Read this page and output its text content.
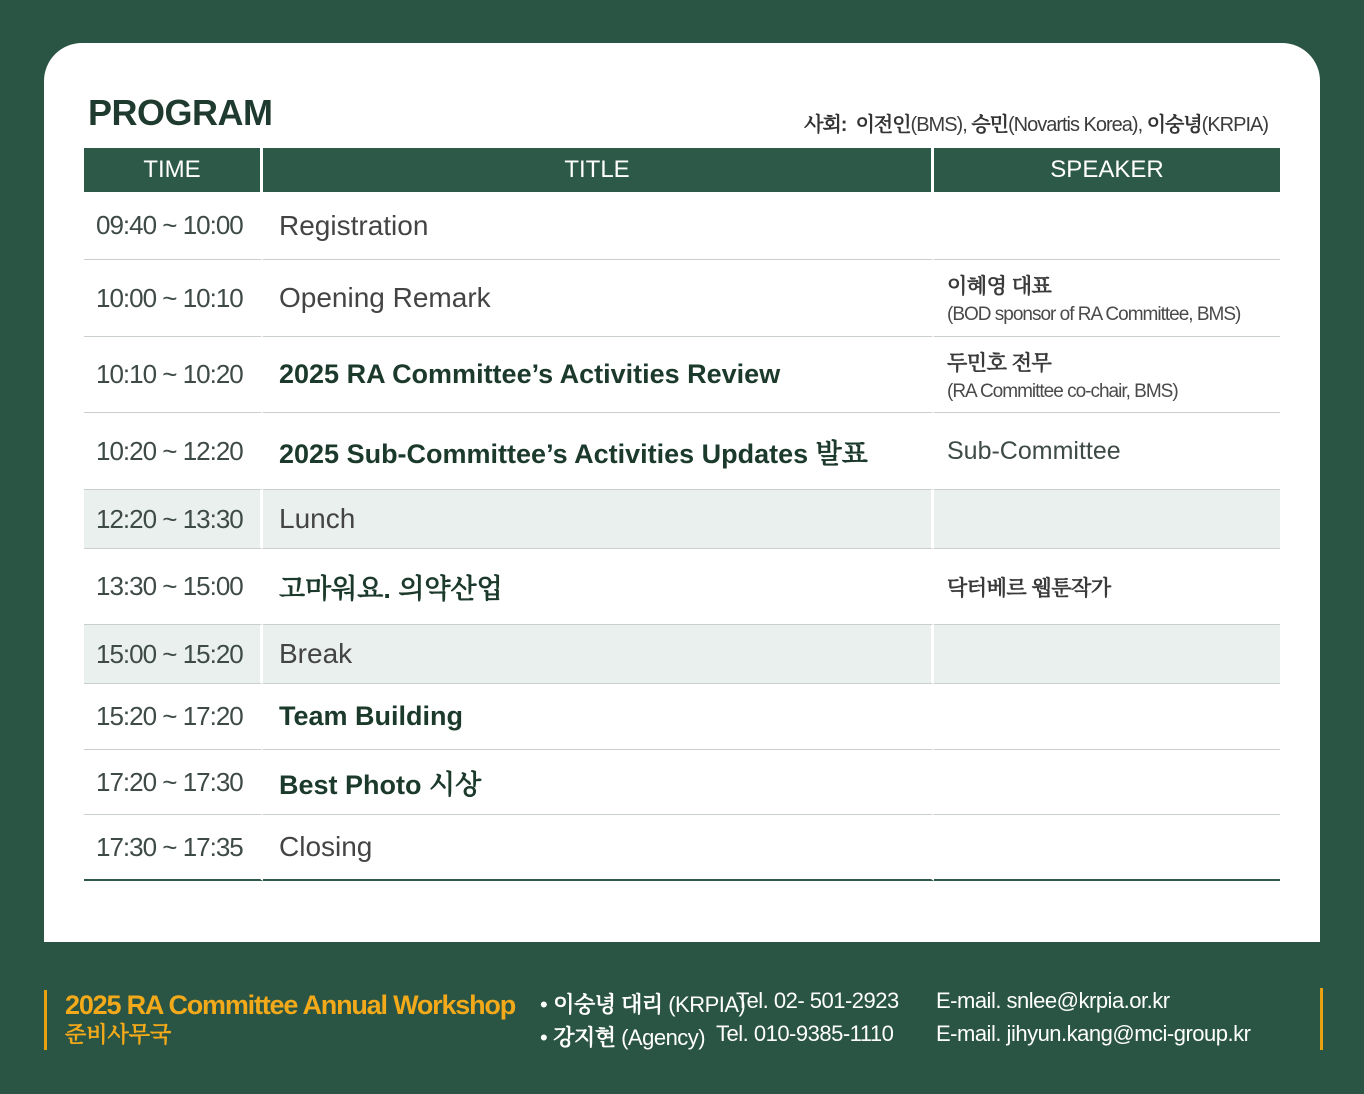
PROGRAM	사회: 이전인(BMS), 승민(Novartis Korea), 이숭녕(KRPIA)
TIME	TITLE	SPEAKER
09:40 ~ 10:00	Registration	
10:00 ~ 10:10	Opening Remark	이혜영 대표
(BOD sponsor of RA Committee, BMS)

10:10 ~ 10:20	2025 RA Committee’s Activities Review	두민호 전무
(RA Committee co-chair, BMS)

10:20 ~ 12:20	2025 Sub-Committee’s Activities Updates 발표	Sub-Committee

12:20 ~ 13:30	Lunch	
13:30 ~ 15:00	고마워요. 의약산업	닥터베르 웹툰작가

15:00 ~ 15:20	Break	
15:20 ~ 17:20	Team Building	
17:20 ~ 17:30	Best Photo 시상	
17:30 ~ 17:35	Closing	
2025 RA Committee Annual Workshop
준비사무국
• 이숭녕 대리 (KRPIA)
Tel. 02- 501-2923 E-mail. snlee@krpia.or.kr
• 강지현 (Agency) Tel. 010-9385-1110 E-mail. jihyun.kang@mci-group.kr
